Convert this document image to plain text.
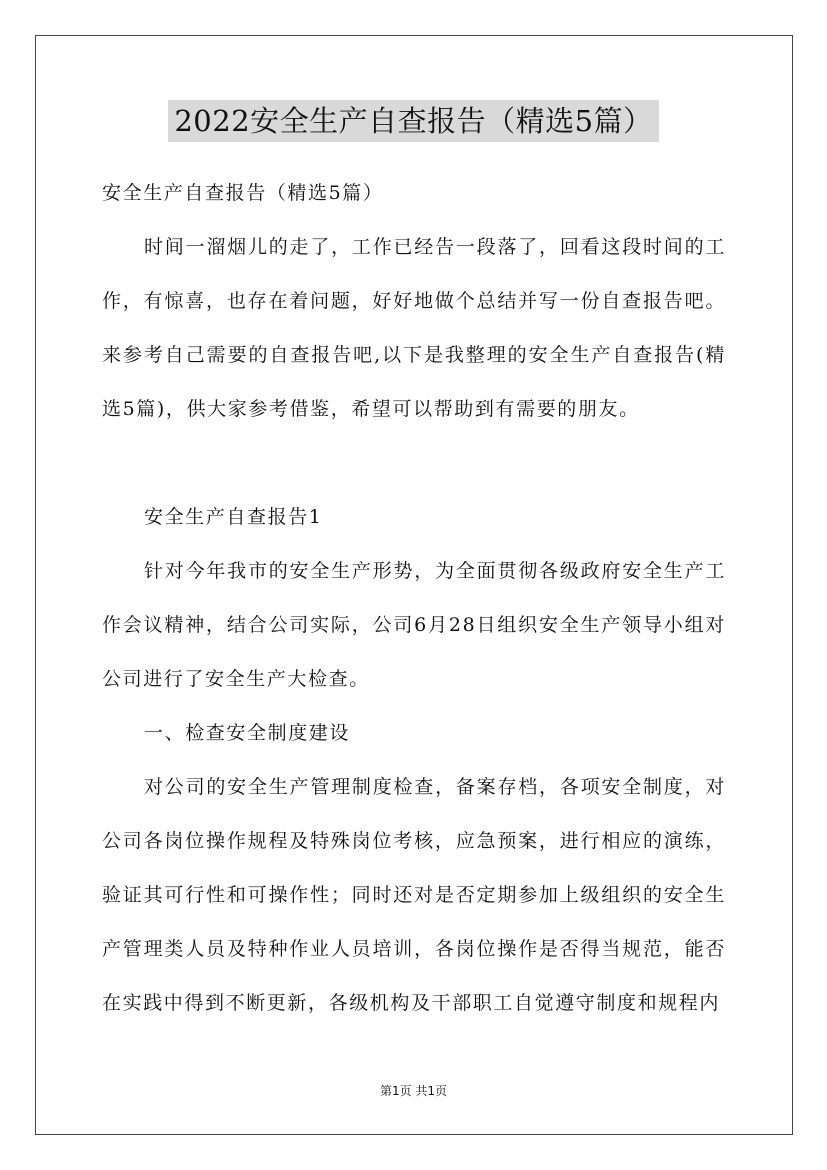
2022安全生产自查报告（精选5篇）
安全生产自查报告（精选5篇）

时间一溜烟儿的走了，工作已经告一段落了，回看这段时间的工作，有惊喜，也存在着问题，好好地做个总结并写一份自查报告吧。来参考自己需要的自查报告吧,以下是我整理的安全生产自查报告(精选5篇)，供大家参考借鉴，希望可以帮助到有需要的朋友。

安全生产自查报告1

针对今年我市的安全生产形势，为全面贯彻各级政府安全生产工作会议精神，结合公司实际，公司6月28日组织安全生产领导小组对公司进行了安全生产大检查。

一、检查安全制度建设

对公司的安全生产管理制度检查，备案存档，各项安全制度，对公司各岗位操作规程及特殊岗位考核，应急预案，进行相应的演练，验证其可行性和可操作性；同时还对是否定期参加上级组织的安全生产管理类人员及特种作业人员培训，各岗位操作是否得当规范，能否在实践中得到不断更新，各级机构及干部职工自觉遵守制度和规程内

第1页 共1页
